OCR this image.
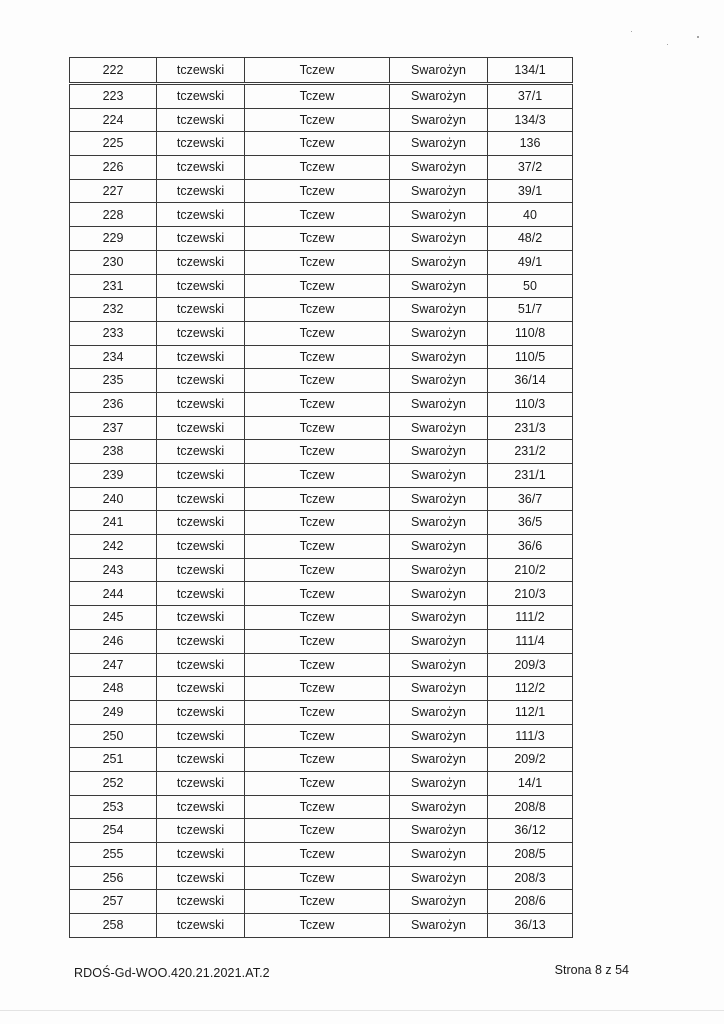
222	tczewski	Tczew	Swarożyn	134/1
223	tczewski	Tczew	Swarożyn	37/1
224	tczewski	Tczew	Swarożyn	134/3
225	tczewski	Tczew	Swarożyn	136
226	tczewski	Tczew	Swarożyn	37/2
227	tczewski	Tczew	Swarożyn	39/1
228	tczewski	Tczew	Swarożyn	40
229	tczewski	Tczew	Swarożyn	48/2
230	tczewski	Tczew	Swarożyn	49/1
231	tczewski	Tczew	Swarożyn	50
232	tczewski	Tczew	Swarożyn	51/7
233	tczewski	Tczew	Swarożyn	110/8
234	tczewski	Tczew	Swarożyn	110/5
235	tczewski	Tczew	Swarożyn	36/14
236	tczewski	Tczew	Swarożyn	110/3
237	tczewski	Tczew	Swarożyn	231/3
238	tczewski	Tczew	Swarożyn	231/2
239	tczewski	Tczew	Swarożyn	231/1
240	tczewski	Tczew	Swarożyn	36/7
241	tczewski	Tczew	Swarożyn	36/5
242	tczewski	Tczew	Swarożyn	36/6
243	tczewski	Tczew	Swarożyn	210/2
244	tczewski	Tczew	Swarożyn	210/3
245	tczewski	Tczew	Swarożyn	111/2
246	tczewski	Tczew	Swarożyn	111/4
247	tczewski	Tczew	Swarożyn	209/3
248	tczewski	Tczew	Swarożyn	112/2
249	tczewski	Tczew	Swarożyn	112/1
250	tczewski	Tczew	Swarożyn	111/3
251	tczewski	Tczew	Swarożyn	209/2
252	tczewski	Tczew	Swarożyn	14/1
253	tczewski	Tczew	Swarożyn	208/8
254	tczewski	Tczew	Swarożyn	36/12
255	tczewski	Tczew	Swarożyn	208/5
256	tczewski	Tczew	Swarożyn	208/3
257	tczewski	Tczew	Swarożyn	208/6
258	tczewski	Tczew	Swarożyn	36/13
RDOŚ-Gd-WOO.420.21.2021.AT.2	Strona 8 z 54
